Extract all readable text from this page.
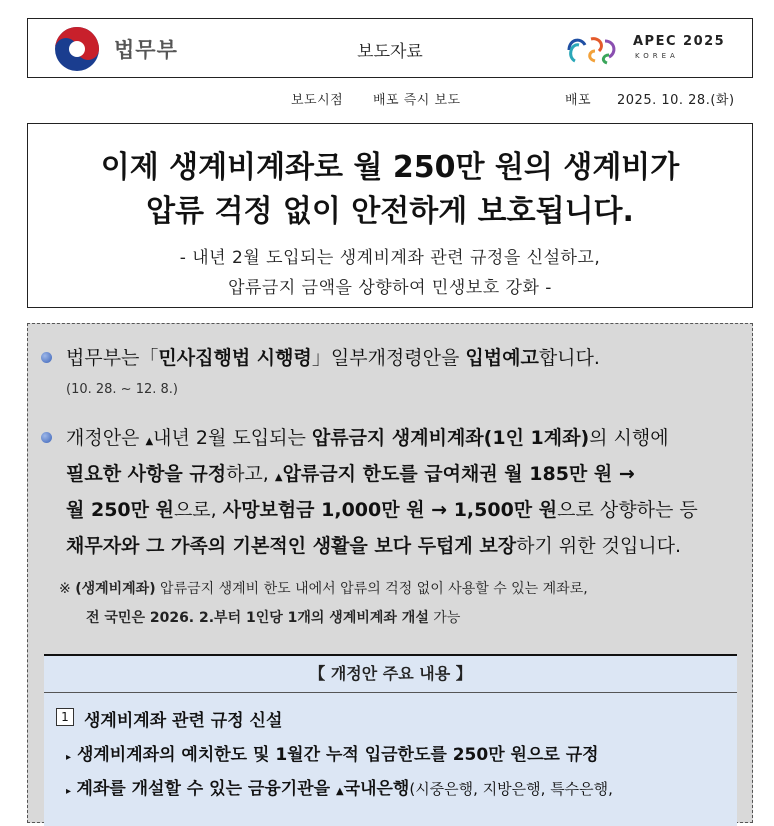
법무부	보도자료
APEC 2025
KOREA
보도시점 배포 즉시 보도	배포 2025. 10. 28.(화)
이제 생계비계좌로 월 250만 원의 생계비가
압류 걱정 없이 안전하게 보호됩니다.
- 내년 2월 도입되는 생계비계좌 관련 규정을 신설하고,
압류금지 금액을 상향하여 민생보호 강화 -
법무부는「민사집행법 시행령」일부개정령안을 입법예고합니다.
(10. 28. ~ 12. 8.)
개정안은 ▲내년 2월 도입되는 압류금지 생계비계좌(1인 1계좌)의 시행에
필요한 사항을 규정하고, ▲압류금지 한도를 급여채권 월 185만 원 →
월 250만 원으로, 사망보험금 1,000만 원 → 1,500만 원으로 상향하는 등
채무자와 그 가족의 기본적인 생활을 보다 두텁게 보장하기 위한 것입니다.
※ (생계비계좌) 압류금지 생계비 한도 내에서 압류의 걱정 없이 사용할 수 있는 계좌로,
전 국민은 2026. 2.부터 1인당 1개의 생계비계좌 개설 가능
【 개정안 주요 내용 】
1 생계비계좌 관련 규정 신설
▸ 생계비계좌의 예치한도 및 1월간 누적 입금한도를 250만 원으로 규정
▸ 계좌를 개설할 수 있는 금융기관을 ▲국내은행(시중은행, 지방은행, 특수은행,
